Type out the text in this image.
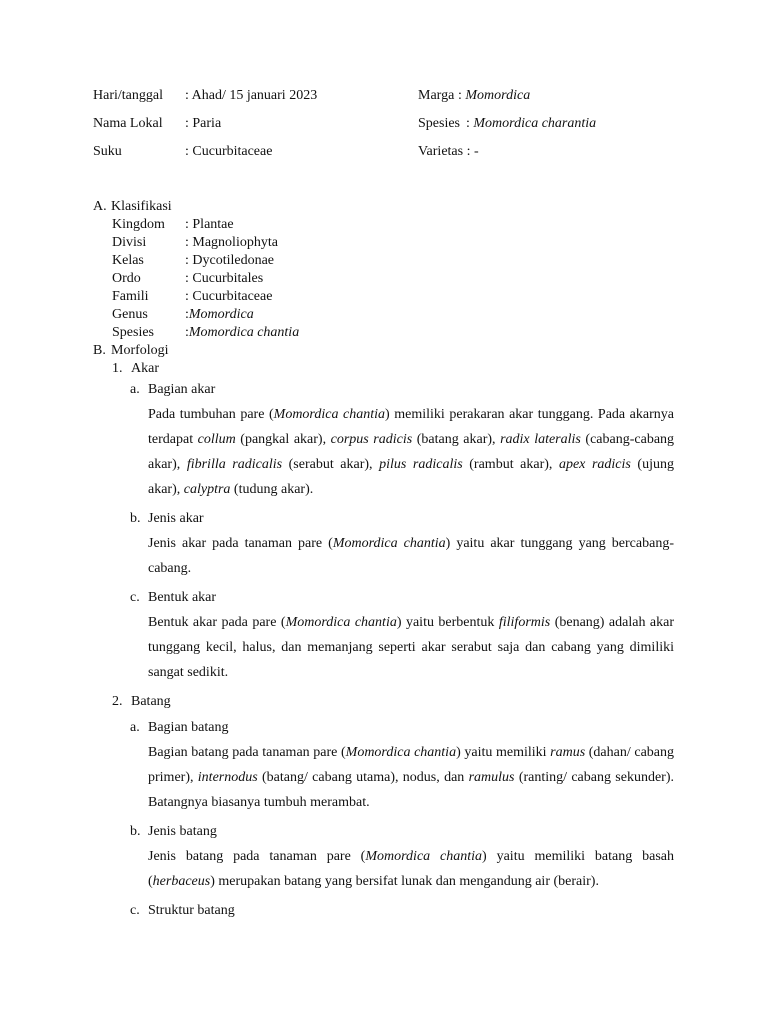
Hari/tanggal	: Ahad/ 15 januari 2023	Marga : Momordica
Nama Lokal	: Paria	Spesies : Momordica charantia
Suku	: Cucurbitaceae	Varietas : -
A. Klasifikasi
Kingdom	: Plantae
Divisi	: Magnoliophyta
Kelas	: Dycotiledonae
Ordo	: Cucurbitales
Famili	: Cucurbitaceae
Genus	: Momordica
Spesies	: Momordica chantia
B. Morfologi
1. Akar
a. Bagian akar
Pada tumbuhan pare (Momordica chantia) memiliki perakaran akar tunggang. Pada akarnya terdapat collum (pangkal akar), corpus radicis (batang akar), radix lateralis (cabang-cabang akar), fibrilla radicalis (serabut akar), pilus radicalis (rambut akar), apex radicis (ujung akar), calyptra (tudung akar).
b. Jenis akar
Jenis akar pada tanaman pare (Momordica chantia) yaitu akar tunggang yang bercabang-cabang.
c. Bentuk akar
Bentuk akar pada pare (Momordica chantia) yaitu berbentuk filiformis (benang) adalah akar tunggang kecil, halus, dan memanjang seperti akar serabut saja dan cabang yang dimiliki sangat sedikit.
2. Batang
a. Bagian batang
Bagian batang pada tanaman pare (Momordica chantia) yaitu memiliki ramus (dahan/ cabang primer), internodus (batang/ cabang utama), nodus, dan ramulus (ranting/ cabang sekunder). Batangnya biasanya tumbuh merambat.
b. Jenis batang
Jenis batang pada tanaman pare (Momordica chantia) yaitu memiliki batang basah (herbaceus) merupakan batang yang bersifat lunak dan mengandung air (berair).
c. Struktur batang
